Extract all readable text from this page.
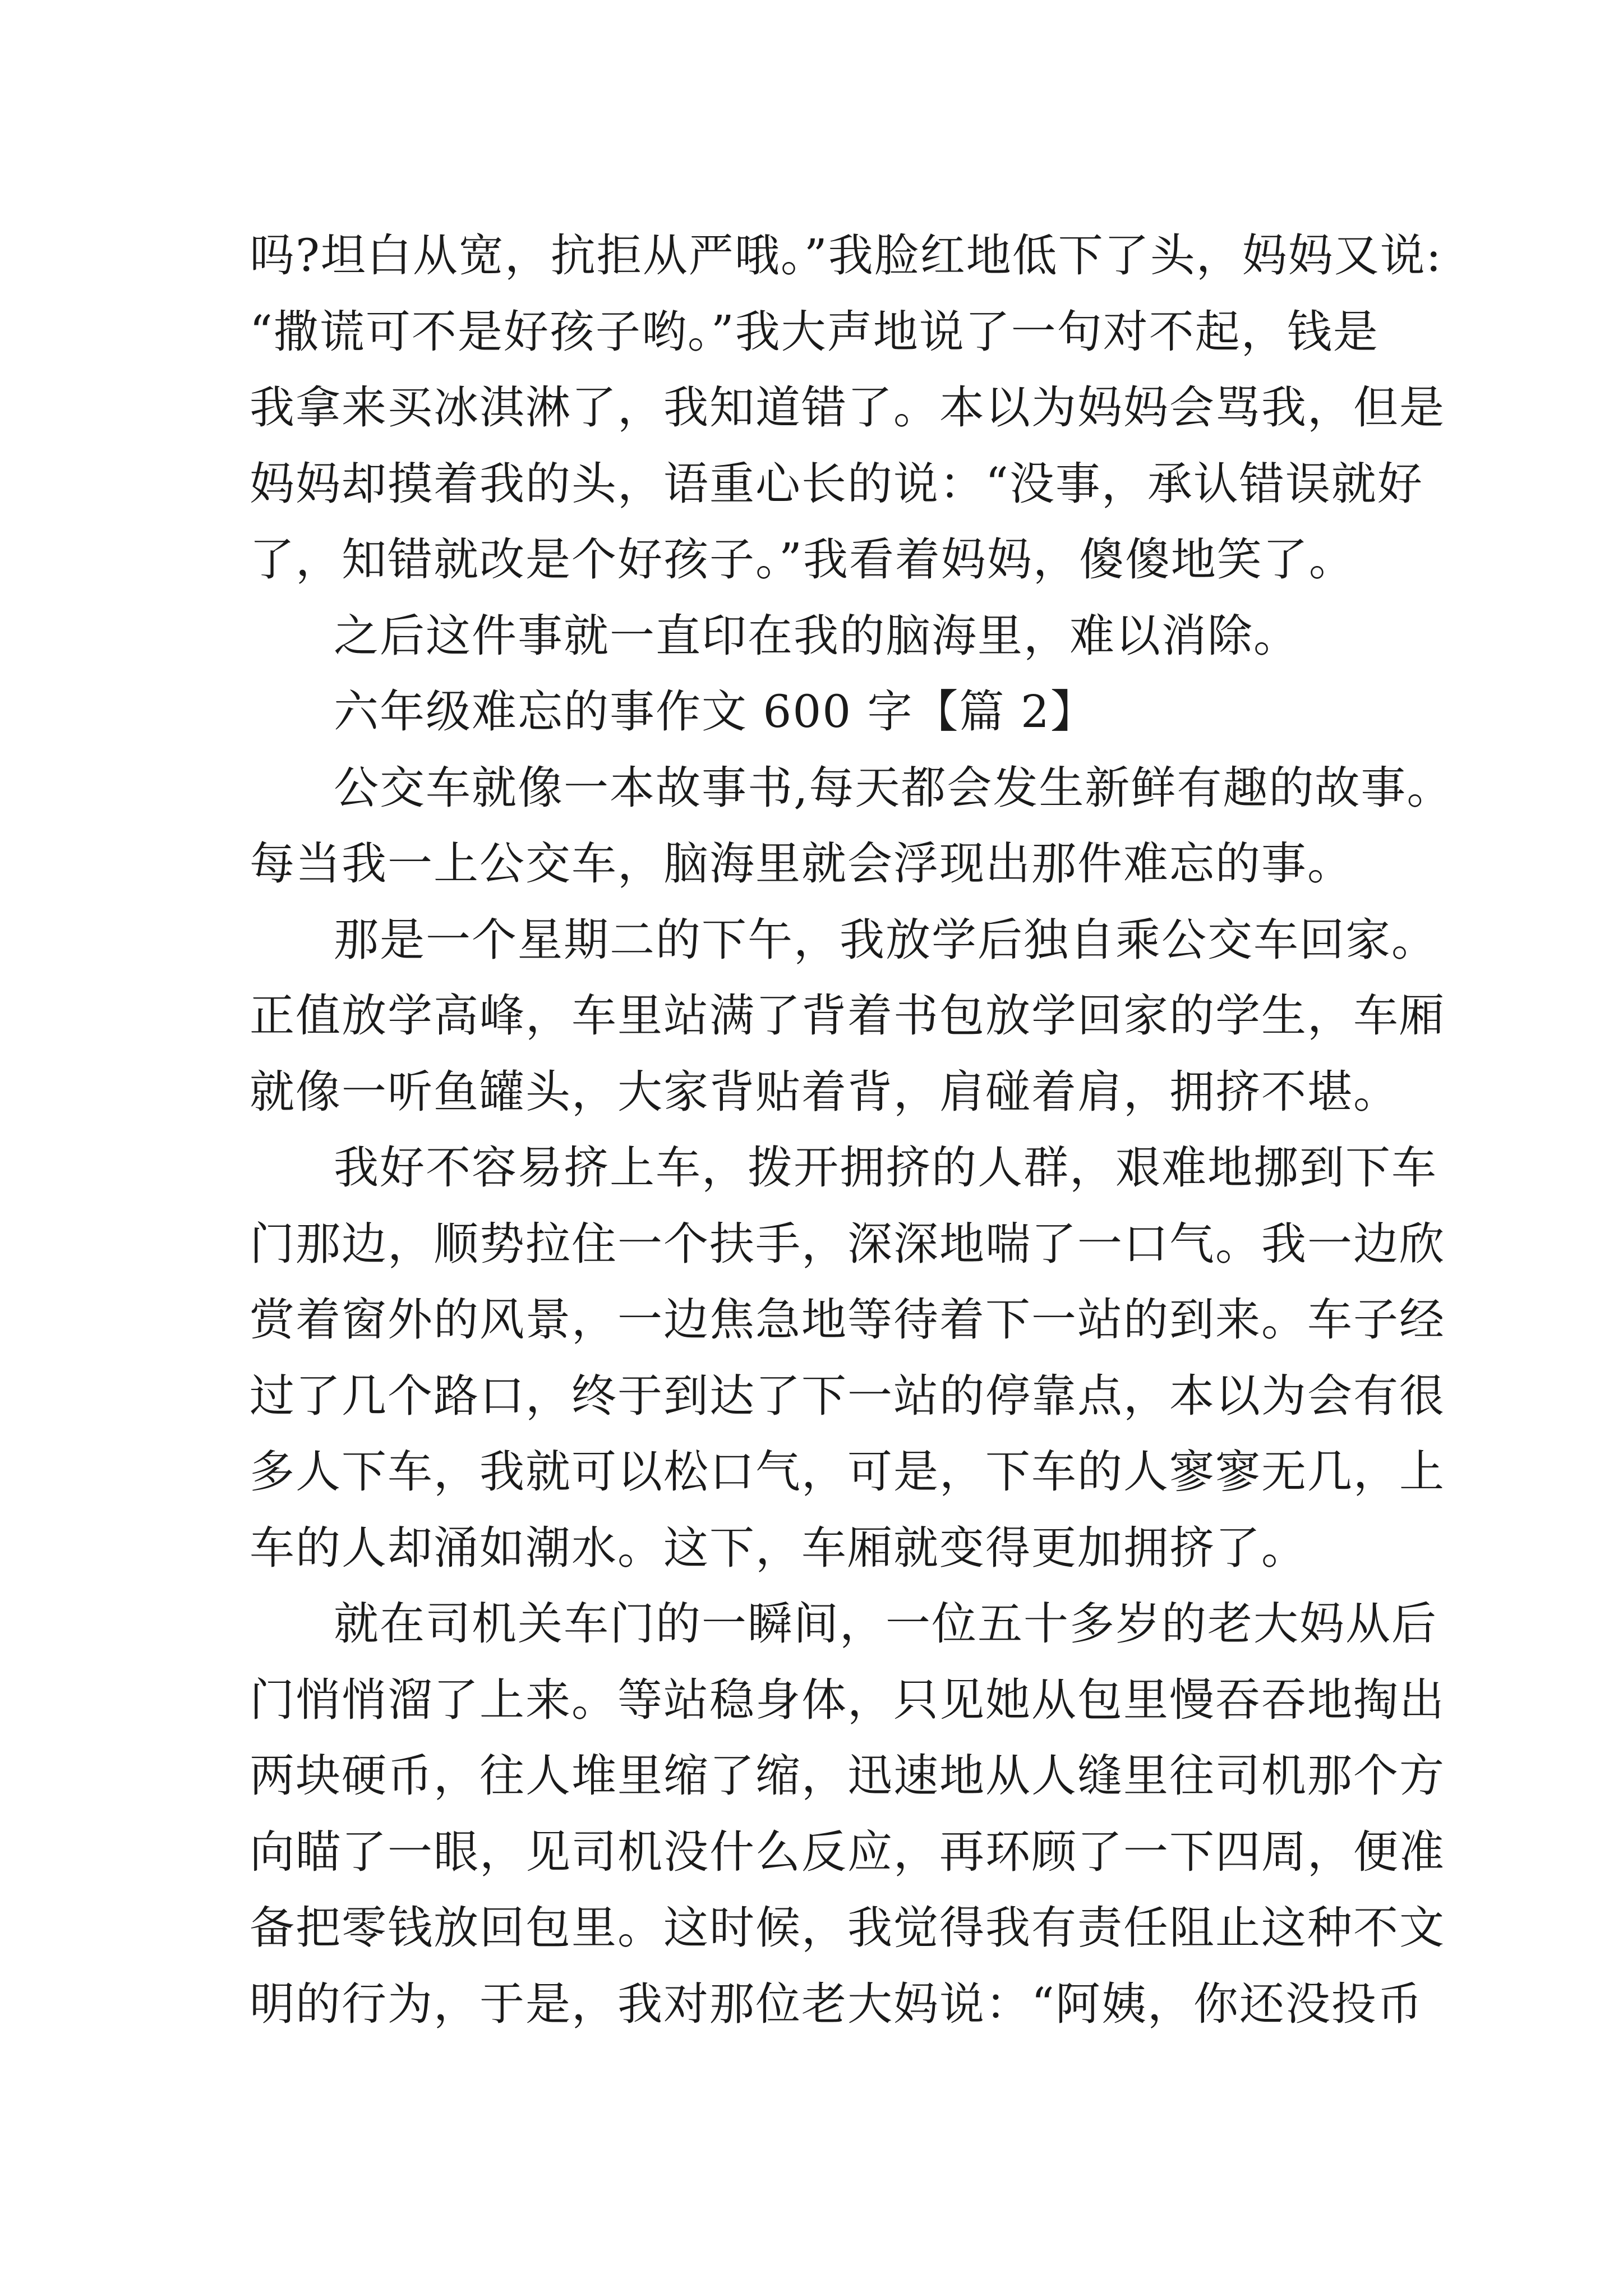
吗?坦白从宽，抗拒从严哦。”我脸红地低下了头，妈妈又说:
“撒谎可不是好孩子哟。”我大声地说了一句对不起，钱是
我拿来买冰淇淋了，我知道错了。本以为妈妈会骂我，但是
妈妈却摸着我的头，语重心长的说：“没事，承认错误就好
了，知错就改是个好孩子。”我看着妈妈，傻傻地笑了。
之后这件事就一直印在我的脑海里，难以消除。
六年级难忘的事作文 600 字【篇 2】
公交车就像一本故事书,每天都会发生新鲜有趣的故事。
每当我一上公交车，脑海里就会浮现出那件难忘的事。
那是一个星期二的下午，我放学后独自乘公交车回家。
正值放学高峰，车里站满了背着书包放学回家的学生，车厢
就像一听鱼罐头，大家背贴着背，肩碰着肩，拥挤不堪。
我好不容易挤上车，拨开拥挤的人群，艰难地挪到下车
门那边，顺势拉住一个扶手，深深地喘了一口气。我一边欣
赏着窗外的风景，一边焦急地等待着下一站的到来。车子经
过了几个路口，终于到达了下一站的停靠点，本以为会有很
多人下车，我就可以松口气，可是，下车的人寥寥无几，上
车的人却涌如潮水。这下，车厢就变得更加拥挤了。
就在司机关车门的一瞬间，一位五十多岁的老大妈从后
门悄悄溜了上来。等站稳身体，只见她从包里慢吞吞地掏出
两块硬币，往人堆里缩了缩，迅速地从人缝里往司机那个方
向瞄了一眼，见司机没什么反应，再环顾了一下四周，便准
备把零钱放回包里。这时候，我觉得我有责任阻止这种不文
明的行为，于是，我对那位老大妈说：“阿姨，你还没投币
